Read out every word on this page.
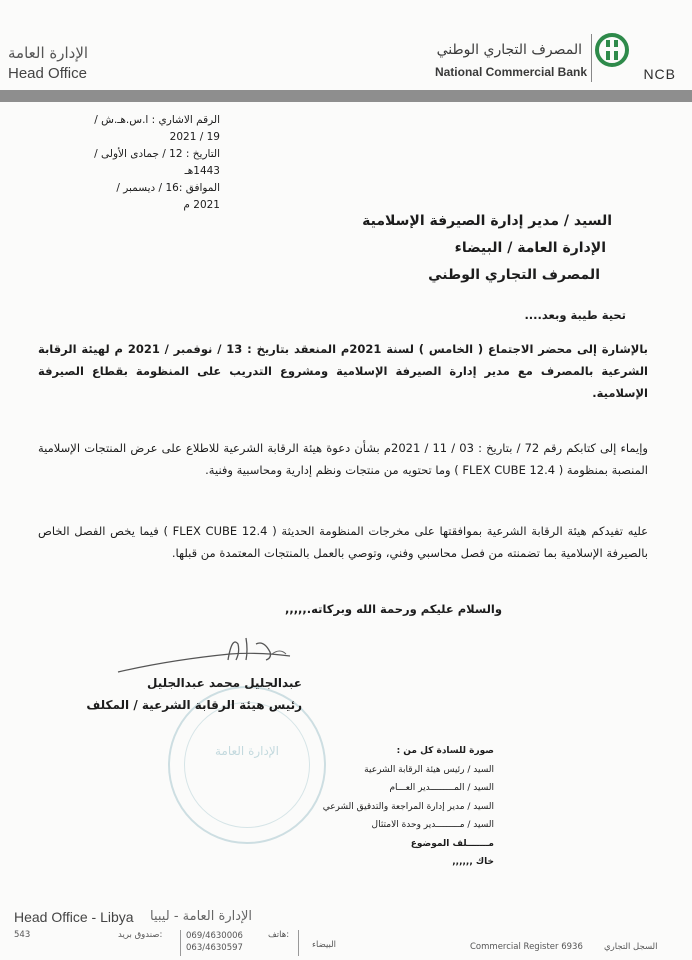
الإدارة العامة
Head Office
المصرف التجاري الوطني
National Commercial Bank	NCB
الرقم الاشاري : ا.س.هـ.ش / 19 / 2021
التاريخ : 12 / جمادى الأولى / 1443هـ
الموافق :16 / ديسمبر / 2021 م
السيد / مدير إدارة الصيرفة الإسلامية
الإدارة العامة / البيضاء
المصرف التجاري الوطني
تحية طيبة وبعد....
بالإشارة إلى محضر الاجتماع ( الخامس ) لسنة 2021م المنعقد بتاريخ : 13 / نوفمبر / 2021 م لهيئة الرقابة الشرعية بالمصرف مع مدير إدارة الصيرفة الإسلامية ومشروع التدريب على المنظومة بقطاع الصيرفة الإسلامية.
وإيماء إلى كتابكم رقم 72 / بتاريخ : 03 / 11 / 2021م بشأن دعوة هيئة الرقابة الشرعية للاطلاع على عرض المنتجات الإسلامية المنصبة بمنظومة ( FLEX CUBE 12.4 ) وما تحتويه من منتجات ونظم إدارية ومحاسبية وفنية.
عليه تفيدكم هيئة الرقابة الشرعية بموافقتها على مخرجات المنظومة الحديثة ( FLEX CUBE 12.4 ) فيما يخص الفصل الخاص بالصيرفة الإسلامية بما تضمنته من فصل محاسبي وفني، وتوصي بالعمل بالمنتجات المعتمدة من قبلها.
والسلام عليكم ورحمة الله وبركاته.,,,,,
الإدارة العامة
عبدالجليل محمد عبدالجليل
رئيس هيئة الرقابة الشرعية / المكلف
صورة للسادة كل من :
السيد / رئيس هيئة الرقابة الشرعية
السيد / المـــــــــدير العـــام
السيد / مدير إدارة المراجعة والتدقيق الشرعي
السيد / مـــــــــدير وحدة الامتثال
مـــــــلف الموضوع
خاك ,,,,,,
Head Office - Libya الإدارة العامة - ليبيا
543	صندوق بريد:	069/4630006
063/4630597
هاتف:
البيضاء	Commercial Register 6936 السجل التجاري
